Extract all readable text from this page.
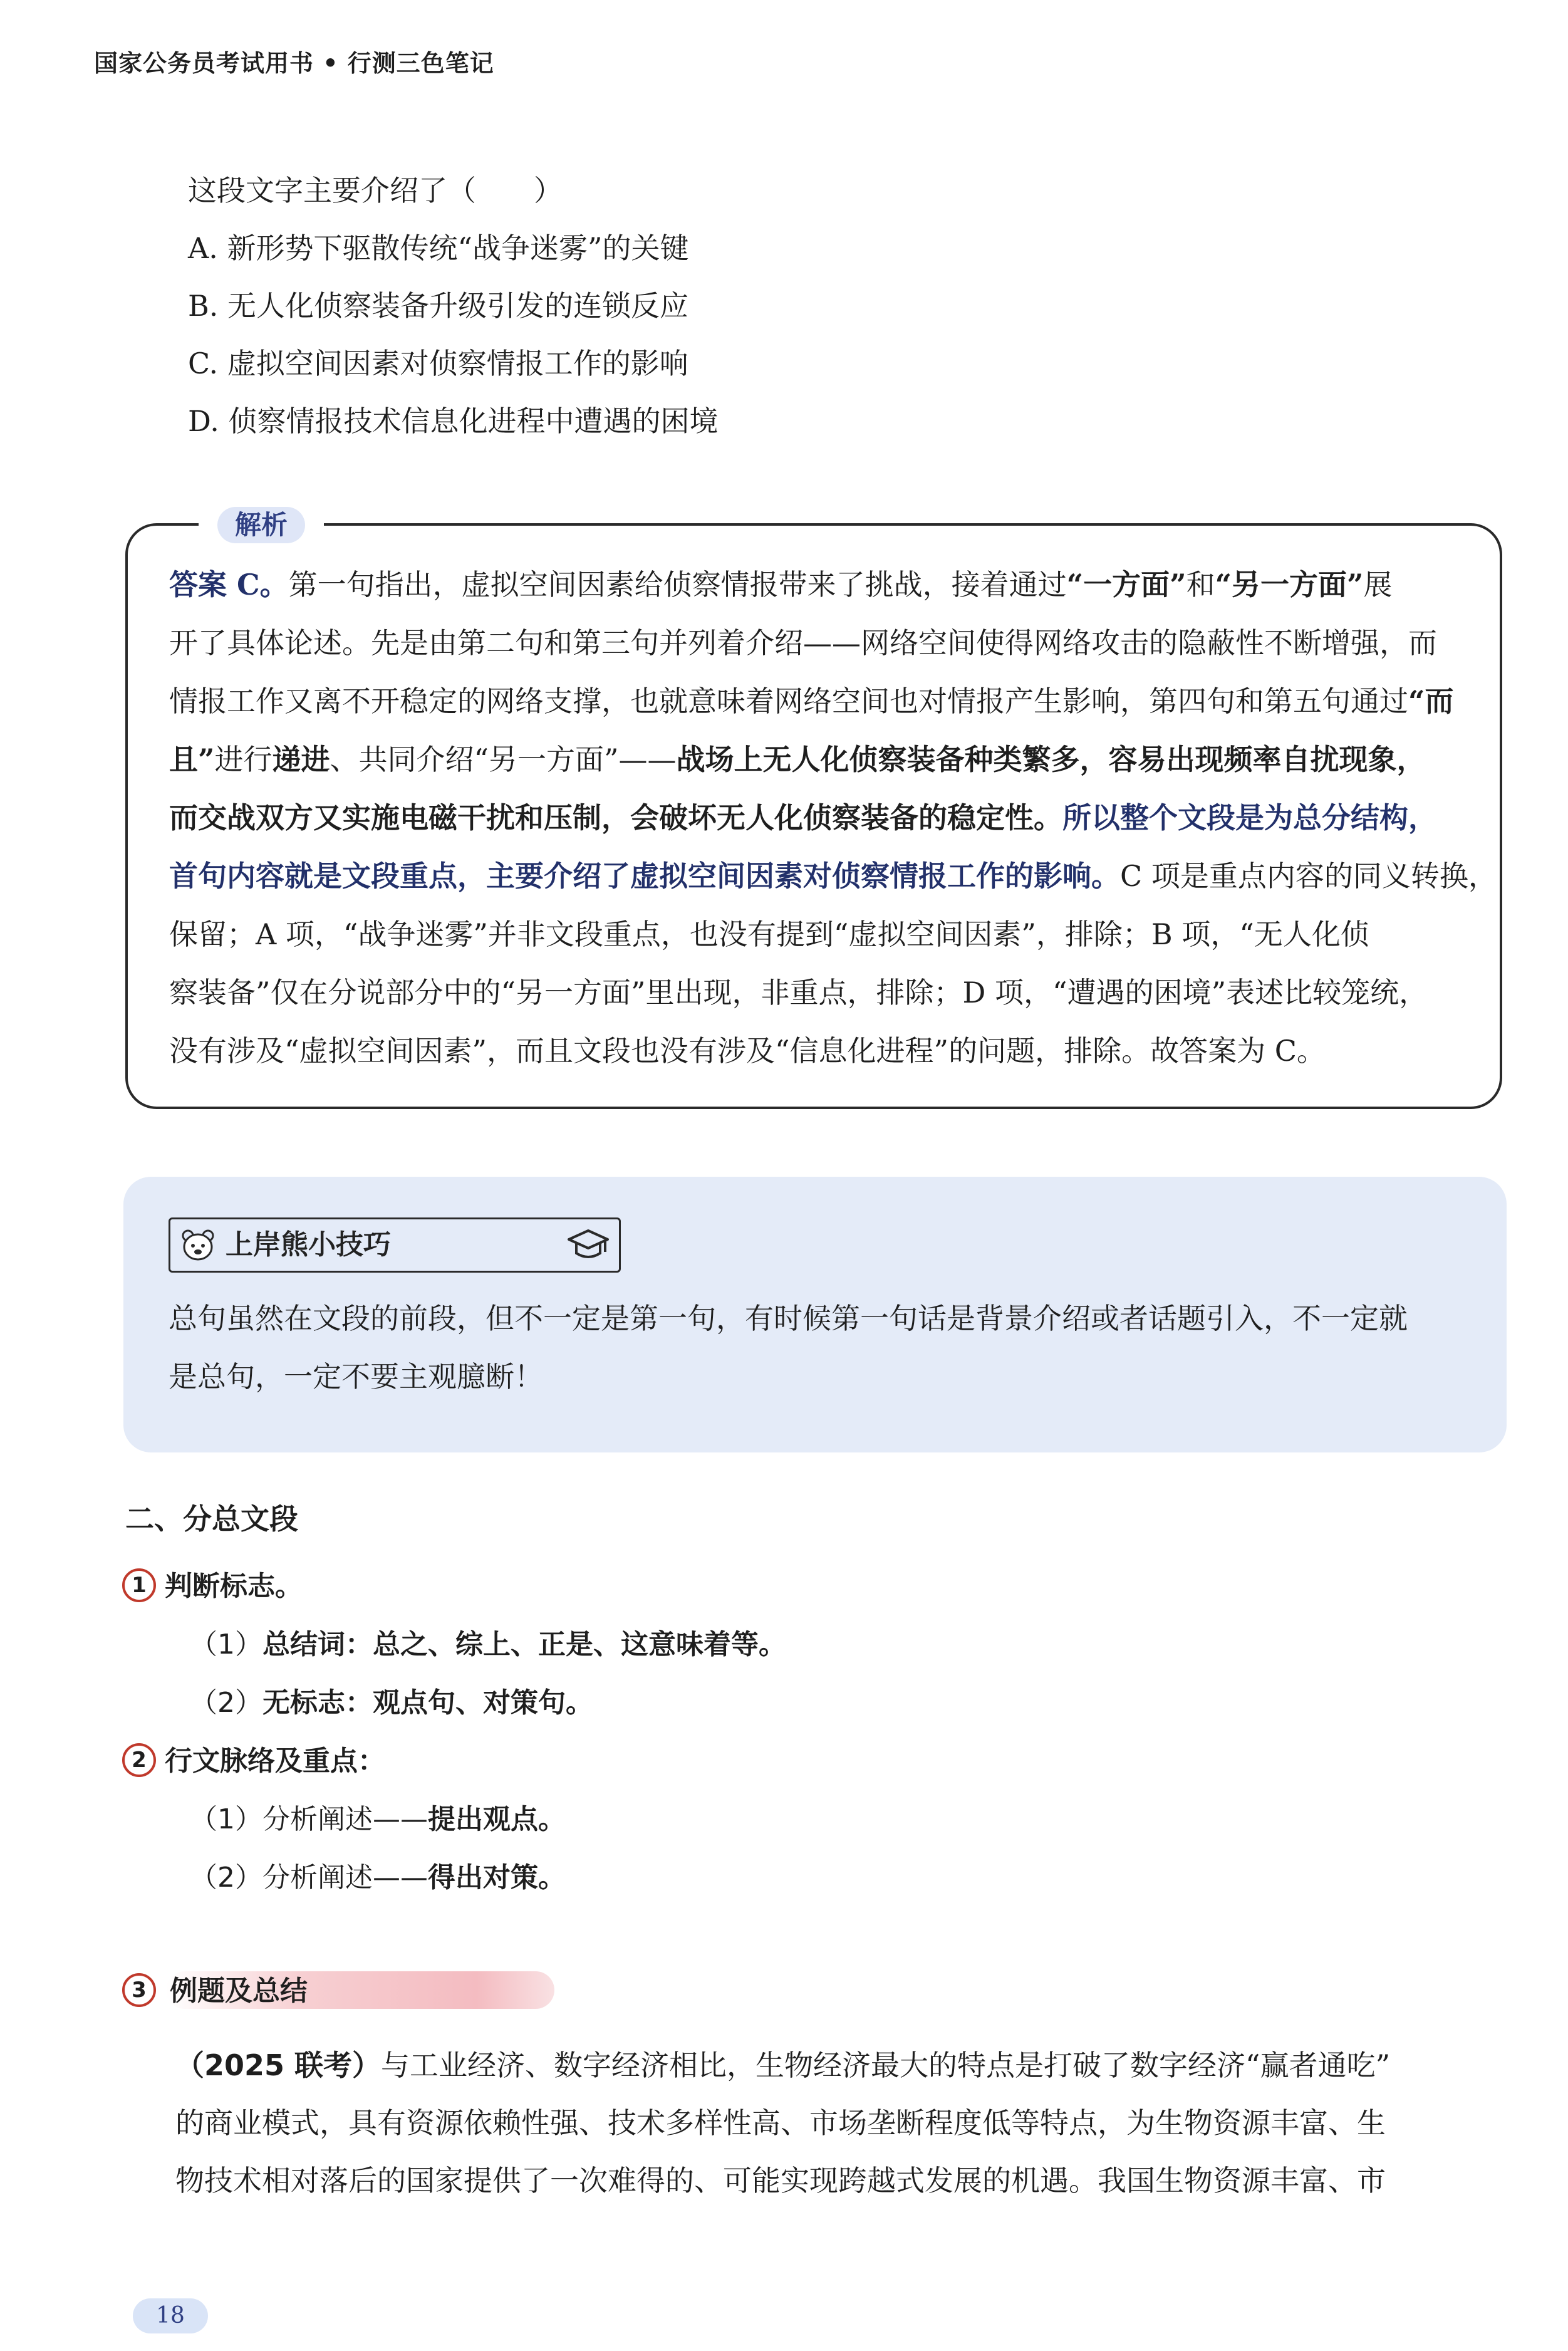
国家公务员考试用书 • 行测三色笔记
这段文字主要介绍了（　　）
A. 新形势下驱散传统“战争迷雾”的关键
B. 无人化侦察装备升级引发的连锁反应
C. 虚拟空间因素对侦察情报工作的影响
D. 侦察情报技术信息化进程中遭遇的困境
解析
答案 C。第一句指出，虚拟空间因素给侦察情报带来了挑战，接着通过“一方面”和“另一方面”展
开了具体论述。先是由第二句和第三句并列着介绍——网络空间使得网络攻击的隐蔽性不断增强，而
情报工作又离不开稳定的网络支撑，也就意味着网络空间也对情报产生影响，第四句和第五句通过“而
且”进行递进、共同介绍“另一方面”——战场上无人化侦察装备种类繁多，容易出现频率自扰现象，
而交战双方又实施电磁干扰和压制，会破坏无人化侦察装备的稳定性。所以整个文段是为总分结构，
首句内容就是文段重点，主要介绍了虚拟空间因素对侦察情报工作的影响。C 项是重点内容的同义转换，
保留；A 项，“战争迷雾”并非文段重点，也没有提到“虚拟空间因素”，排除；B 项，“无人化侦
察装备”仅在分说部分中的“另一方面”里出现，非重点，排除；D 项，“遭遇的困境”表述比较笼统，
没有涉及“虚拟空间因素”，而且文段也没有涉及“信息化进程”的问题，排除。故答案为 C。
上岸熊小技巧
总句虽然在文段的前段，但不一定是第一句，有时候第一句话是背景介绍或者话题引入，不一定就
是总句，一定不要主观臆断！
二、分总文段
1 判断标志。
（1）总结词：总之、综上、正是、这意味着等。
（2）无标志：观点句、对策句。
2 行文脉络及重点：
（1）分析阐述——提出观点。
（2）分析阐述——得出对策。
3 例题及总结
（2025 联考）与工业经济、数字经济相比，生物经济最大的特点是打破了数字经济“赢者通吃”
的商业模式，具有资源依赖性强、技术多样性高、市场垄断程度低等特点，为生物资源丰富、生
物技术相对落后的国家提供了一次难得的、可能实现跨越式发展的机遇。我国生物资源丰富、市
18
